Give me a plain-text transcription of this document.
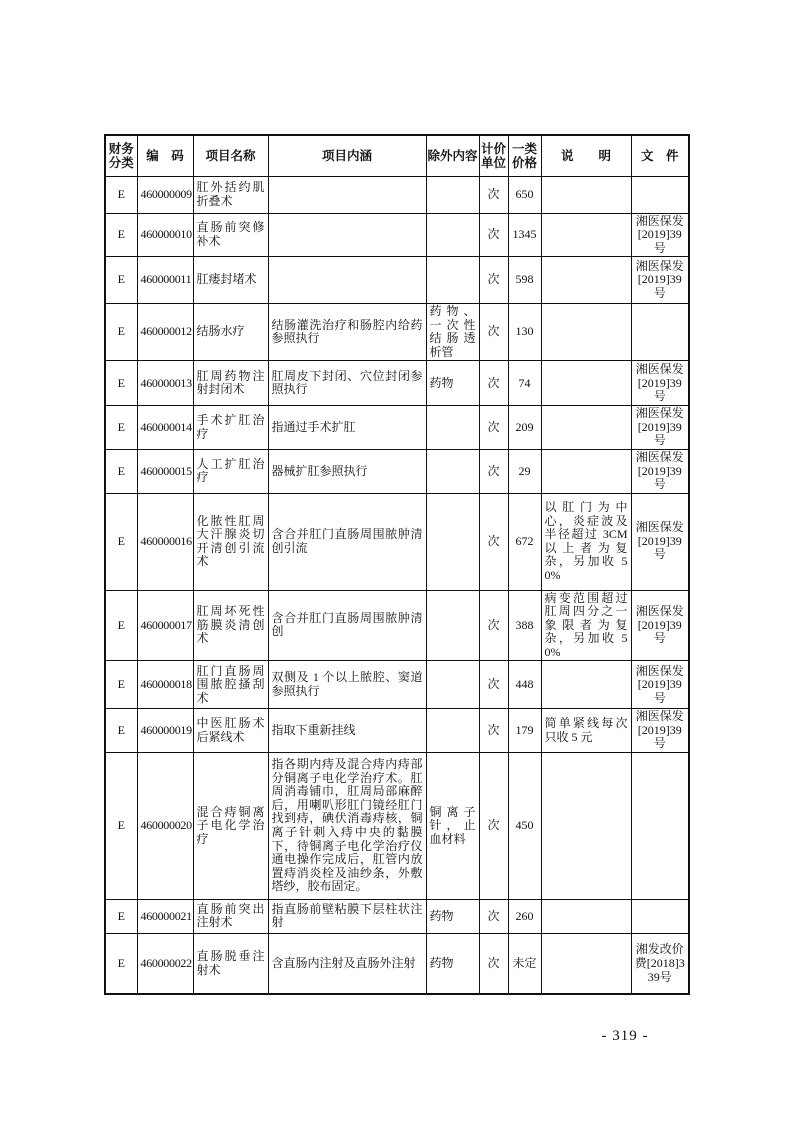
财务分类	编　码	项目名称	项目内涵	除外内容	计价单位	一类价格	说　　明	文　件
E	460000009	肛外括约肌折叠术			次	650		
E	460000010	直肠前突修补术			次	1345		湘医保发[2019]39号
E	460000011	肛瘘封堵术			次	598		湘医保发[2019]39号
E	460000012	结肠水疗	结肠灌洗治疗和肠腔内给药参照执行	药物、一次性结肠透析管	次	130		
E	460000013	肛周药物注射封闭术	肛周皮下封闭、穴位封闭参照执行	药物	次	74		湘医保发[2019]39号
E	460000014	手术扩肛治疗	指通过手术扩肛		次	209		湘医保发[2019]39号
E	460000015	人工扩肛治疗	器械扩肛参照执行		次	29		湘医保发[2019]39号
E	460000016	化脓性肛周大汗腺炎切开清创引流术	含合并肛门直肠周围脓肿清创引流		次	672	以肛门为中心，炎症波及半径超过 3CM 以上者为复杂，另加收 50%	湘医保发[2019]39号
E	460000017	肛周坏死性筋膜炎清创术	含合并肛门直肠周围脓肿清创		次	388	病变范围超过肛周四分之一象限者为复杂，另加收 50%	湘医保发[2019]39号
E	460000018	肛门直肠周围脓腔搔刮术	双侧及 1 个以上脓腔、窦道参照执行		次	448		湘医保发[2019]39号
E	460000019	中医肛肠术后紧线术	指取下重新挂线		次	179	简单紧线每次只收 5 元	湘医保发[2019]39号
E	460000020	混合痔铜离子电化学治疗	指各期内痔及混合痔内痔部分铜离子电化学治疗术。肛周消毒铺巾，肛周局部麻醉后，用喇叭形肛门镜经肛门找到痔，碘伏消毒痔核，铜离子针刺入痔中央的黏膜下，待铜离子电化学治疗仪通电操作完成后，肛管内放置痔消炎栓及油纱条，外敷塔纱，胶布固定。	铜离子针，止血材料	次	450		
E	460000021	直肠前突出注射术	指直肠前壁粘膜下层柱状注射	药物	次	260		
E	460000022	直肠脱垂注射术	含直肠内注射及直肠外注射	药物	次	未定		湘发改价费[2018]339号
- 319 -
